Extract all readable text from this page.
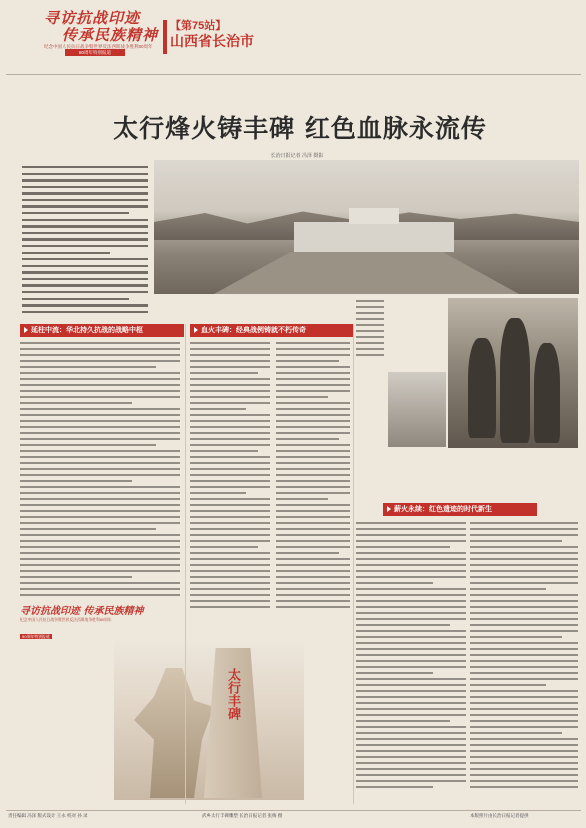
寻访抗战印迹
传承民族精神
纪念中国人民抗日战争暨世界反法西斯战争胜利80周年
80周年特别报道
【第75站】
山西省长治市
太行烽火铸丰碑 红色血脉永流传
长治日报记者 冯泽 摄影
延柱中流：华北持久抗战的战略中枢	血火丰碑：经典战例铸就不朽传奇
薪火永续：红色遗迹的时代新生
寻访抗战印迹 传承民族精神
纪念中国人民抗日战争暨世界反法西斯战争胜利80周年
80周年特别报道
太行丰碑
责任编辑 冯泽 版式设计 王永 校对 孙 录	武乡太行丰碑雕塑 长治日报记者 张梅 摄	本版照片由长治日报记者提供
